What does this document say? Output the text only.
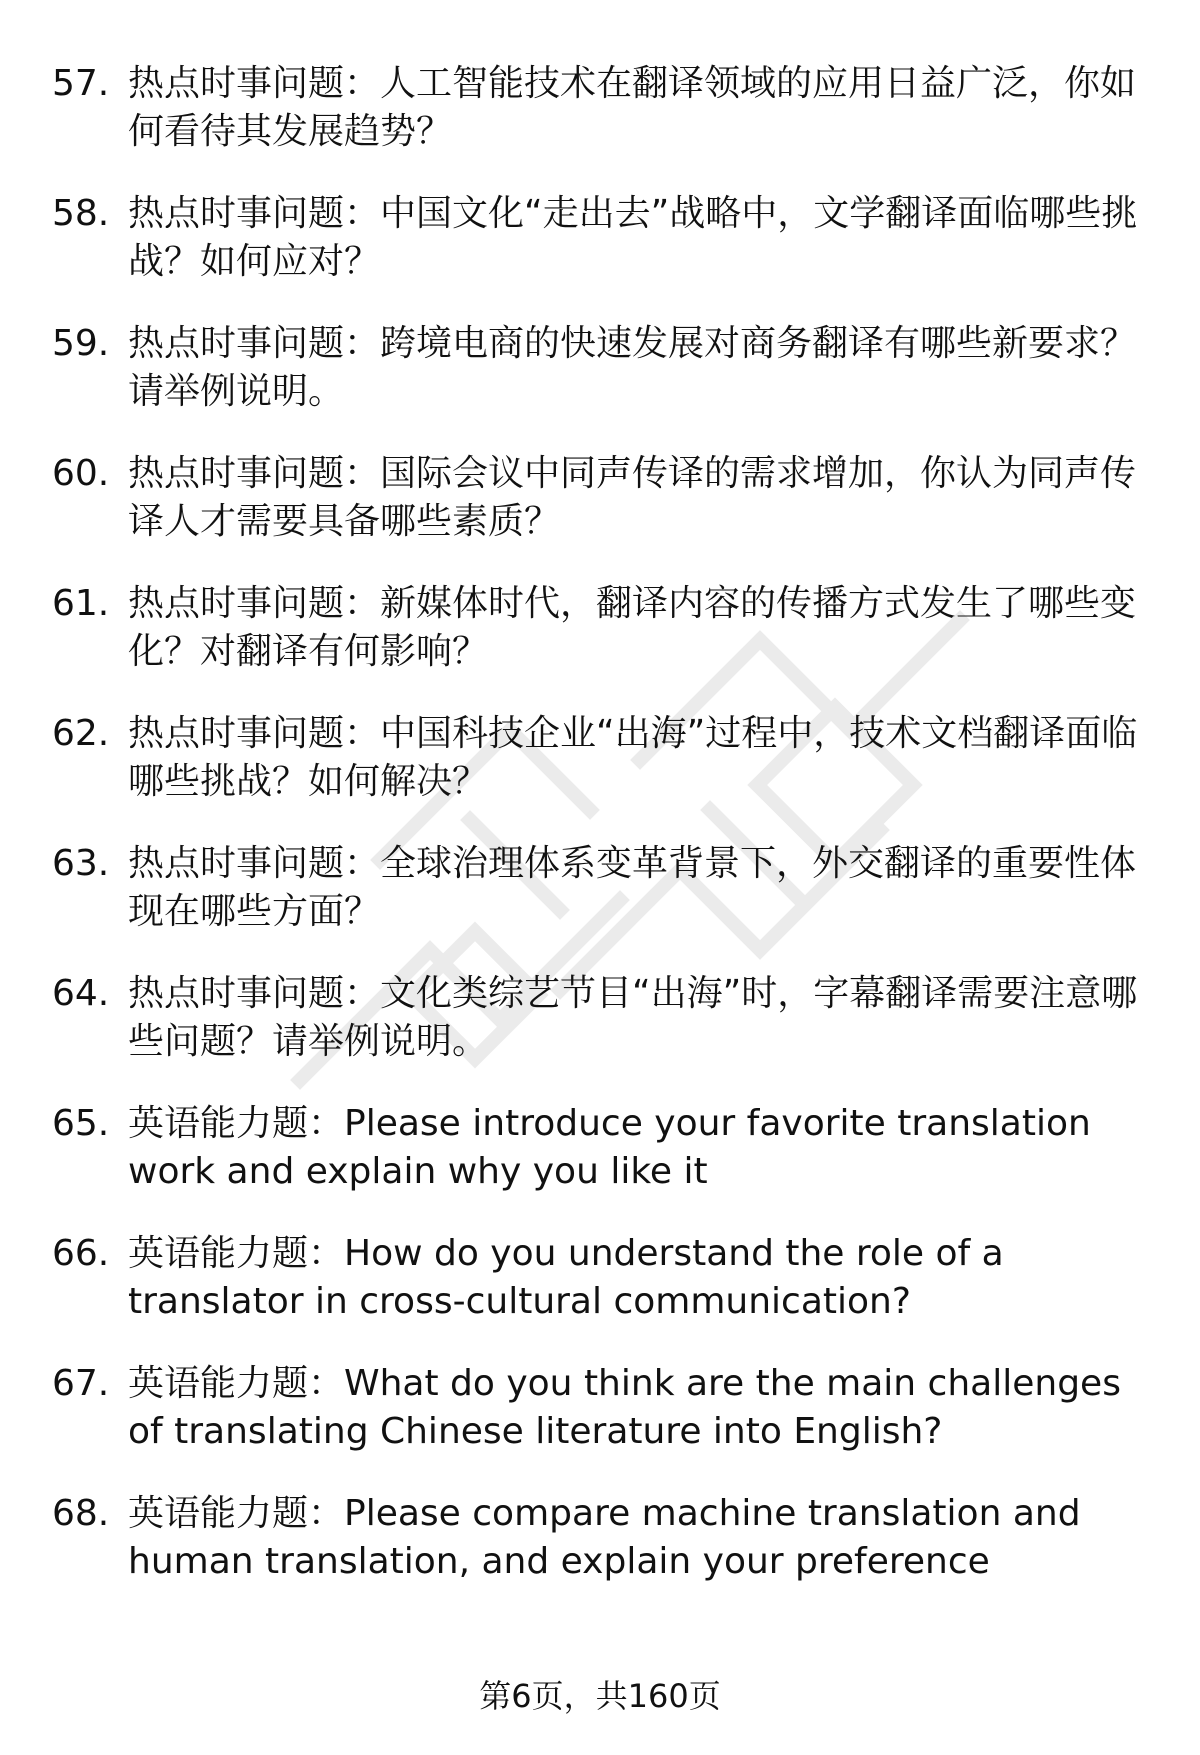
57. 热点时事问题：人工智能技术在翻译领域的应用日益广泛，你如何看待其发展趋势？
58. 热点时事问题：中国文化“走出去”战略中，文学翻译面临哪些挑战？如何应对？
59. 热点时事问题：跨境电商的快速发展对商务翻译有哪些新要求？请举例说明。
60. 热点时事问题：国际会议中同声传译的需求增加，你认为同声传译人才需要具备哪些素质？
61. 热点时事问题：新媒体时代，翻译内容的传播方式发生了哪些变化？对翻译有何影响？
62. 热点时事问题：中国科技企业“出海”过程中，技术文档翻译面临哪些挑战？如何解决？
63. 热点时事问题：全球治理体系变革背景下，外交翻译的重要性体现在哪些方面？
64. 热点时事问题：文化类综艺节目“出海”时，字幕翻译需要注意哪些问题？请举例说明。
65. 英语能力题：Please introduce your favorite translation work and explain why you like it
66. 英语能力题：How do you understand the role of a translator in cross-cultural communication?
67. 英语能力题：What do you think are the main challenges of translating Chinese literature into English?
68. 英语能力题：Please compare machine translation and human translation, and explain your preference
第6页，共160页
